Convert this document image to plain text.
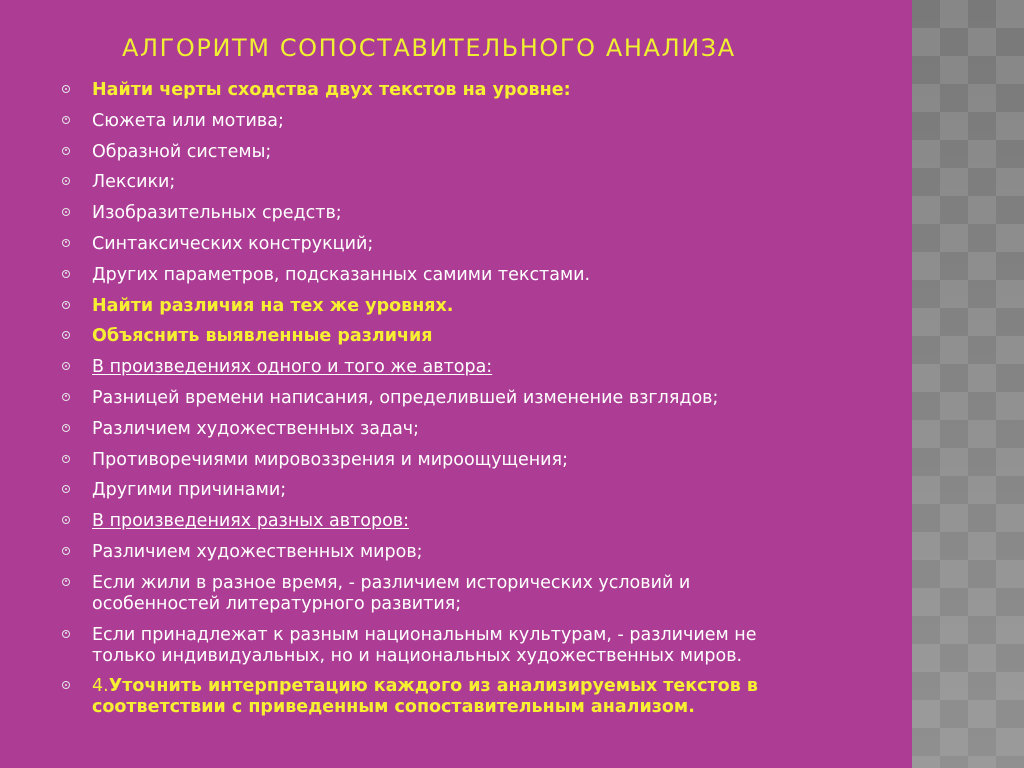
АЛГОРИТМ СОПОСТАВИТЕЛЬНОГО АНАЛИЗА
Найти черты сходства двух текстов на уровне:
Сюжета или мотива;
Образной системы;
Лексики;
Изобразительных средств;
Синтаксических конструкций;
Других параметров, подсказанных самими текстами.
Найти различия на тех же уровнях.
Объяснить выявленные различия
В произведениях одного и того же автора:
Разницей времени написания, определившей изменение взглядов;
Различием художественных задач;
Противоречиями мировоззрения и мироощущения;
Другими причинами;
В произведениях разных авторов:
Различием художественных миров;
Если жили в разное время, - различием исторических условий и
особенностей литературного развития;
Если принадлежат к разным национальным культурам, - различием не
только индивидуальных, но и национальных художественных миров.
4.Уточнить интерпретацию каждого из анализируемых текстов в
соответствии с приведенным сопоставительным анализом.
